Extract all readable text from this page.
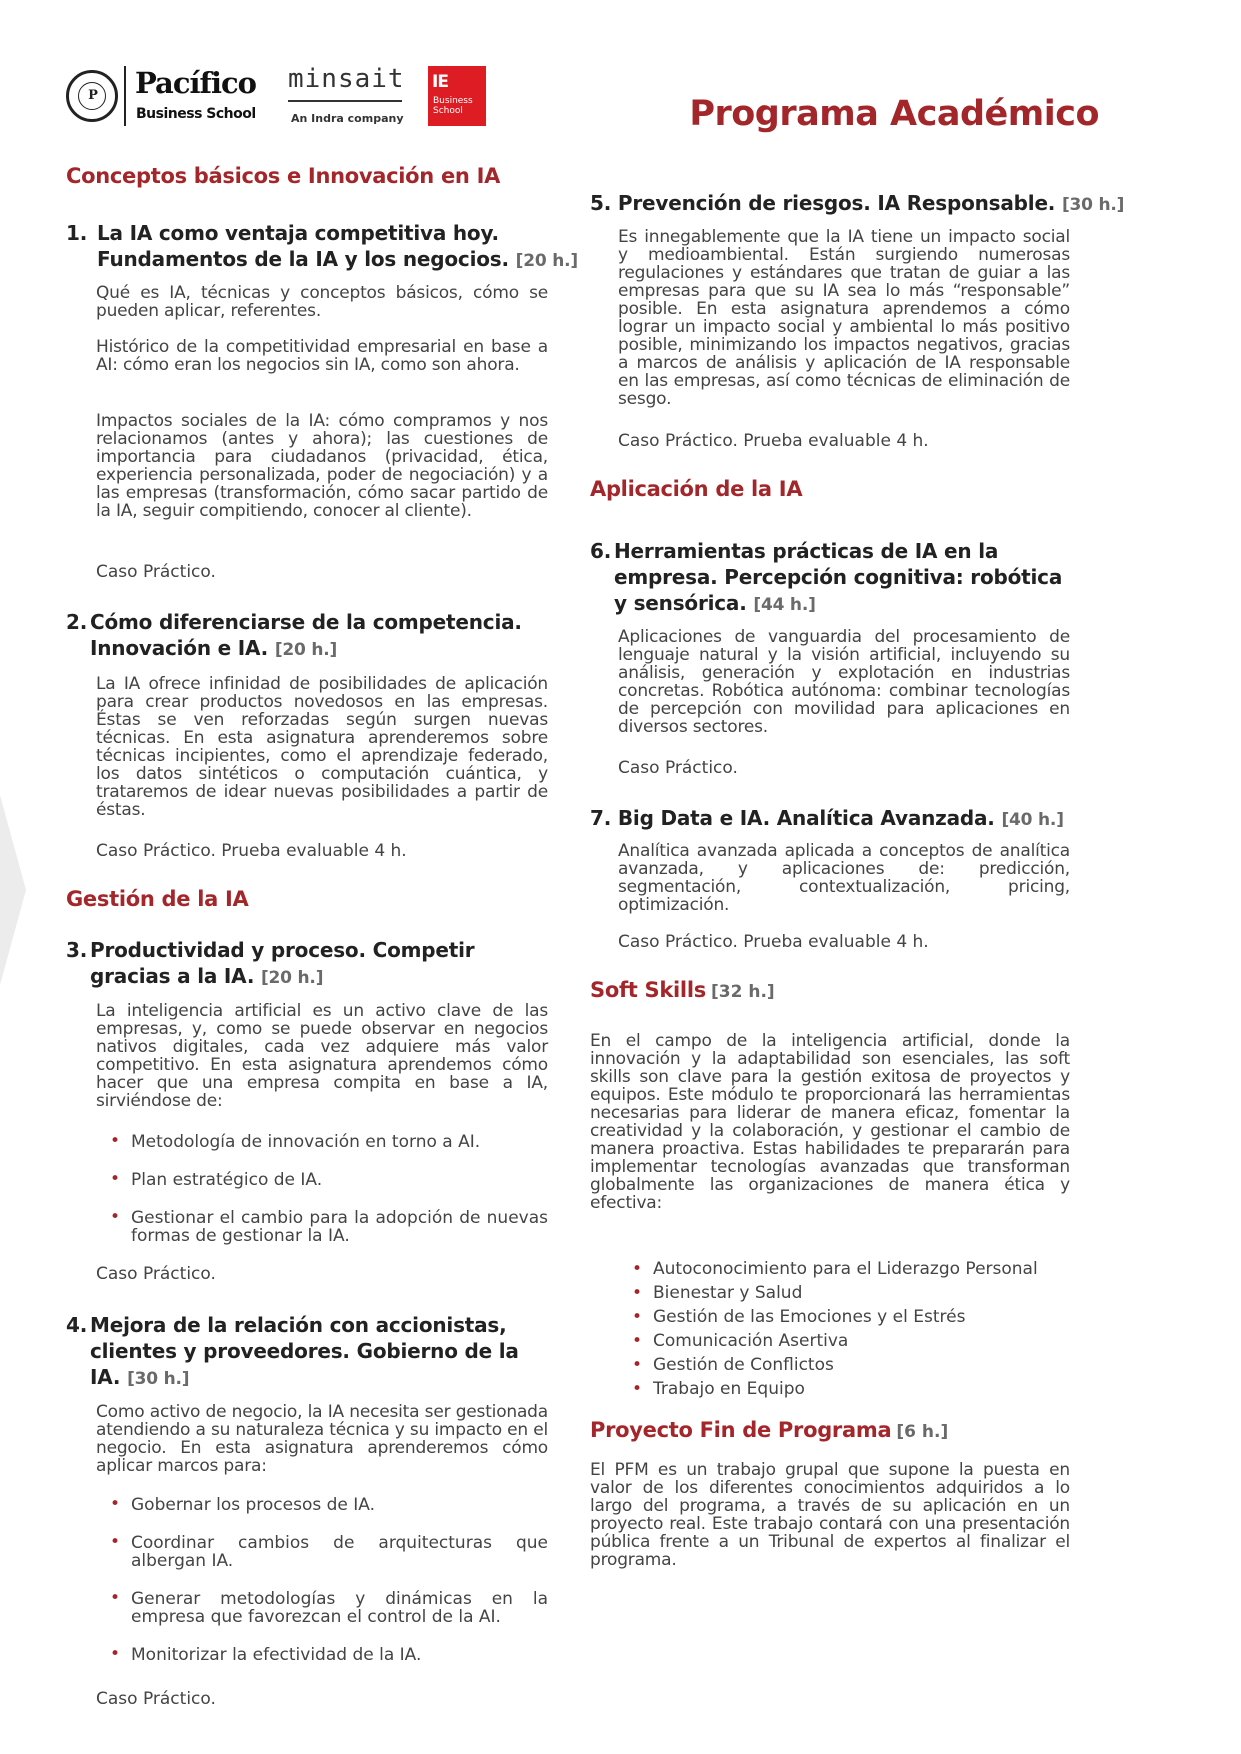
P	Pacífico
Business School
minsait
An Indra company
IE
Business School	Programa Académico
Conceptos básicos e Innovación en IA
1. La IA como ventaja competitiva hoy.
Fundamentos de la IA y los negocios. [20 h.]
Qué es IA, técnicas y conceptos básicos, cómo se pueden aplicar, referentes.
Histórico de la competitividad empresarial en base a AI: cómo eran los negocios sin IA, como son ahora.
Impactos sociales de la IA: cómo compramos y nos relacionamos (antes y ahora); las cuestiones de importancia para ciudadanos (privacidad, ética, experiencia personalizada, poder de negociación) y a las empresas (transformación, cómo sacar partido de la IA, seguir compitiendo, conocer al cliente).
Caso Práctico.
2. Cómo diferenciarse de la competencia.
Innovación e IA. [20 h.]
La IA ofrece infinidad de posibilidades de aplicación para crear productos novedosos en las empresas. Éstas se ven reforzadas según surgen nuevas técnicas. En esta asignatura aprenderemos sobre técnicas incipientes, como el aprendizaje federado, los datos sintéticos o computación cuántica, y trataremos de idear nuevas posibilidades a partir de éstas.
Caso Práctico. Prueba evaluable 4 h.
Gestión de la IA
3. Productividad y proceso. Competir
gracias a la IA. [20 h.]
La inteligencia artificial es un activo clave de las empresas, y, como se puede observar en negocios nativos digitales, cada vez adquiere más valor competitivo. En esta asignatura aprendemos cómo hacer que una empresa compita en base a IA, sirviéndose de:
• Metodología de innovación en torno a AI.
• Plan estratégico de IA.
• Gestionar el cambio para la adopción de nuevas formas de gestionar la IA.
Caso Práctico.
4. Mejora de la relación con accionistas,
clientes y proveedores. Gobierno de la
IA. [30 h.]
Como activo de negocio, la IA necesita ser gestionada atendiendo a su naturaleza técnica y su impacto en el negocio. En esta asignatura aprenderemos cómo aplicar marcos para:
• Gobernar los procesos de IA.
• Coordinar cambios de arquitecturas que albergan IA.
• Generar metodologías y dinámicas en la empresa que favorezcan el control de la AI.
• Monitorizar la efectividad de la IA.
Caso Práctico.
5. Prevención de riesgos. IA Responsable. [30 h.]
Es innegablemente que la IA tiene un impacto social y medioambiental. Están surgiendo numerosas regulaciones y estándares que tratan de guiar a las empresas para que su IA sea lo más “responsable” posible. En esta asignatura aprendemos a cómo lograr un impacto social y ambiental lo más positivo posible, minimizando los impactos negativos, gracias a marcos de análisis y aplicación de IA responsable en las empresas, así como técnicas de eliminación de sesgo.
Caso Práctico. Prueba evaluable 4 h.
Aplicación de la IA
6. Herramientas prácticas de IA en la
empresa. Percepción cognitiva: robótica
y sensórica. [44 h.]
Aplicaciones de vanguardia del procesamiento de lenguaje natural y la visión artificial, incluyendo su análisis, generación y explotación en industrias concretas. Robótica autónoma: combinar tecnologías de percepción con movilidad para aplicaciones en diversos sectores.
Caso Práctico.
7. Big Data e IA. Analítica Avanzada. [40 h.]
Analítica avanzada aplicada a conceptos de analítica avanzada, y aplicaciones de: predicción, segmentación, contextualización, pricing, optimización.
Caso Práctico. Prueba evaluable 4 h.
Soft Skills [32 h.]
En el campo de la inteligencia artificial, donde la innovación y la adaptabilidad son esenciales, las soft skills son clave para la gestión exitosa de proyectos y equipos. Este módulo te proporcionará las herramientas necesarias para liderar de manera eficaz, fomentar la creatividad y la colaboración, y gestionar el cambio de manera proactiva. Estas habilidades te prepararán para implementar tecnologías avanzadas que transforman globalmente las organizaciones de manera ética y efectiva:
• Autoconocimiento para el Liderazgo Personal
• Bienestar y Salud
• Gestión de las Emociones y el Estrés
• Comunicación Asertiva
• Gestión de Conflictos
• Trabajo en Equipo
Proyecto Fin de Programa [6 h.]
El PFM es un trabajo grupal que supone la puesta en valor de los diferentes conocimientos adquiridos a lo largo del programa, a través de su aplicación en un proyecto real. Este trabajo contará con una presentación pública frente a un Tribunal de expertos al finalizar el programa.
